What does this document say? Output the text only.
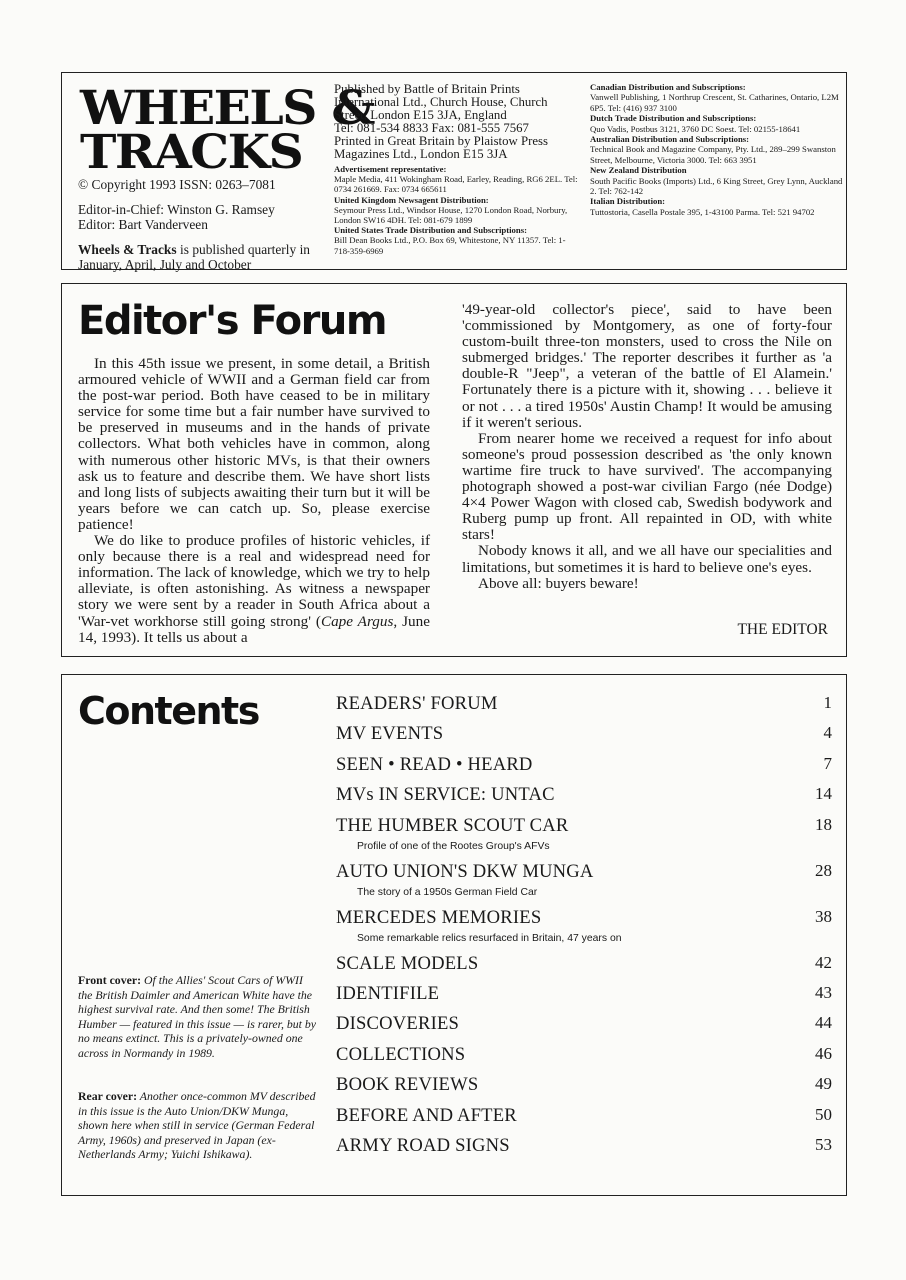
WHEELS &
TRACKS

© Copyright 1993 ISSN: 0263–7081

Editor-in-Chief: Winston G. Ramsey

Editor: Bart Vanderveen

Wheels & Tracks is published quarterly in January, April, July and October

Published by Battle of Britain Prints International Ltd., Church House, Church Street, London E15 3JA, England

Tel: 081-534 8833 Fax: 081-555 7567

Printed in Great Britain by Plaistow Press Magazines Ltd., London E15 3JA

Advertisement representative:
Maple Media, 411 Wokingham Road, Earley, Reading, RG6 2EL. Tel: 0734 261669. Fax: 0734 665611
United Kingdom Newsagent Distribution:
Seymour Press Ltd., Windsor House, 1270 London Road, Norbury, London SW16 4DH. Tel: 081-679 1899
United States Trade Distribution and Subscriptions:
Bill Dean Books Ltd., P.O. Box 69, Whitestone, NY 11357. Tel: 1-718-359-6969
Canadian Distribution and Subscriptions:
Vanwell Publishing, 1 Northrup Crescent, St. Catharines, Ontario, L2M 6P5. Tel: (416) 937 3100
Dutch Trade Distribution and Subscriptions:
Quo Vadis, Postbus 3121, 3760 DC Soest. Tel: 02155-18641
Australian Distribution and Subscriptions:
Technical Book and Magazine Company, Pty. Ltd., 289–299 Swanston Street, Melbourne, Victoria 3000. Tel: 663 3951
New Zealand Distribution
South Pacific Books (Imports) Ltd., 6 King Street, Grey Lynn, Auckland 2. Tel: 762-142
Italian Distribution:
Tuttostoria, Casella Postale 395, 1-43100 Parma. Tel: 521 94702
Editor's Forum

In this 45th issue we present, in some detail, a British armoured vehicle of WWII and a German field car from the post-war period. Both have ceased to be in military service for some time but a fair number have survived to be preserved in museums and in the hands of private collectors. What both vehicles have in common, along with numerous other historic MVs, is that their owners ask us to feature and describe them. We have short lists and long lists of subjects awaiting their turn but it will be years before we can catch up. So, please exercise patience!

We do like to produce profiles of historic vehicles, if only because there is a real and widespread need for information. The lack of knowledge, which we try to help alleviate, is often astonishing. As witness a newspaper story we were sent by a reader in South Africa about a 'War-vet workhorse still going strong' (Cape Argus, June 14, 1993). It tells us about a

'49-year-old collector's piece', said to have been 'commissioned by Montgomery, as one of forty-four custom-built three-ton monsters, used to cross the Nile on submerged bridges.' The reporter describes it further as 'a double-R "Jeep", a veteran of the battle of El Alamein.' Fortunately there is a picture with it, showing . . . believe it or not . . . a tired 1950s' Austin Champ! It would be amusing if it weren't serious.

From nearer home we received a request for info about someone's proud possession described as 'the only known wartime fire truck to have survived'. The accompanying photograph showed a post-war civilian Fargo (née Dodge) 4×4 Power Wagon with closed cab, Swedish bodywork and Ruberg pump up front. All repainted in OD, with white stars!

Nobody knows it all, and we all have our specialities and limitations, but sometimes it is hard to believe one's eyes.

Above all: buyers beware!

THE EDITOR
Contents	READERS' FORUM	1
MV EVENTS	4
SEEN • READ • HEARD	7
MVs IN SERVICE: UNTAC	14
THE HUMBER SCOUT CAR	18
Profile of one of the Rootes Group's AFVs
AUTO UNION'S DKW MUNGA	28
The story of a 1950s German Field Car
MERCEDES MEMORIES	38
Some remarkable relics resurfaced in Britain, 47 years on
SCALE MODELS	42
IDENTIFILE	43
DISCOVERIES	44
COLLECTIONS	46
BOOK REVIEWS	49
BEFORE AND AFTER	50
ARMY ROAD SIGNS	53
Front cover: Of the Allies' Scout Cars of WWII the British Daimler and American White have the highest survival rate. And then some! The British Humber — featured in this issue — is rarer, but by no means extinct. This is a privately-owned one across in Normandy in 1989.
Rear cover: Another once-common MV described in this issue is the Auto Union/DKW Munga, shown here when still in service (German Federal Army, 1960s) and preserved in Japan (ex-Netherlands Army; Yuichi Ishikawa).
